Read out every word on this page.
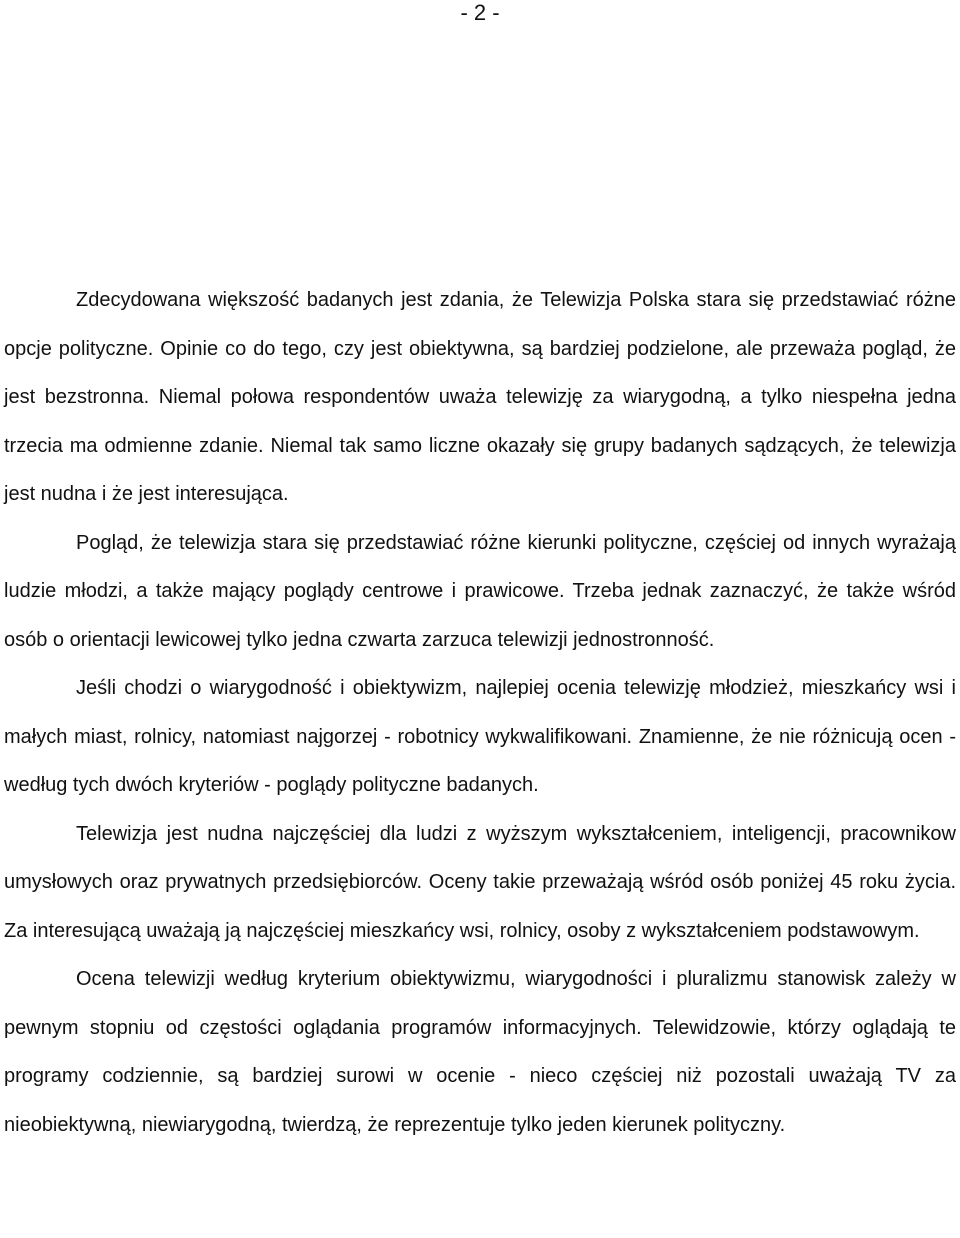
- 2 -

Zdecydowana większość badanych jest zdania, że Telewizja Polska stara się przedstawiać różne opcje polityczne. Opinie co do tego, czy jest obiektywna, są bardziej podzielone, ale przeważa pogląd, że jest bezstronna. Niemal połowa respondentów uważa telewizję za wiarygodną, a tylko niespełna jedna trzecia ma odmienne zdanie. Niemal tak samo liczne okazały się grupy badanych sądzących, że telewizja jest nudna i że jest interesująca.

Pogląd, że telewizja stara się przedstawiać różne kierunki polityczne, częściej od innych wyrażają ludzie młodzi, a także mający poglądy centrowe i prawicowe. Trzeba jednak zaznaczyć, że także wśród osób o orientacji lewicowej tylko jedna czwarta zarzuca telewizji jednostronność.

Jeśli chodzi o wiarygodność i obiektywizm, najlepiej ocenia telewizję młodzież, mieszkańcy wsi i małych miast, rolnicy, natomiast najgorzej - robotnicy wykwalifikowani. Znamienne, że nie różnicują ocen - według tych dwóch kryteriów - poglądy polityczne badanych.

Telewizja jest nudna najczęściej dla ludzi z wyższym wykształceniem, inteligencji, pracownikow umysłowych oraz prywatnych przedsiębiorców. Oceny takie przeważają wśród osób poniżej 45 roku życia. Za interesującą uważają ją najczęściej mieszkańcy wsi, rolnicy, osoby z wykształceniem podstawowym.

Ocena telewizji według kryterium obiektywizmu, wiarygodności i pluralizmu stanowisk zależy w pewnym stopniu od częstości oglądania programów informacyjnych. Telewidzowie, którzy oglądają te programy codziennie, są bardziej surowi w ocenie - nieco częściej niż pozostali uważają TV za nieobiektywną, niewiarygodną, twierdzą, że reprezentuje tylko jeden kierunek polityczny.
